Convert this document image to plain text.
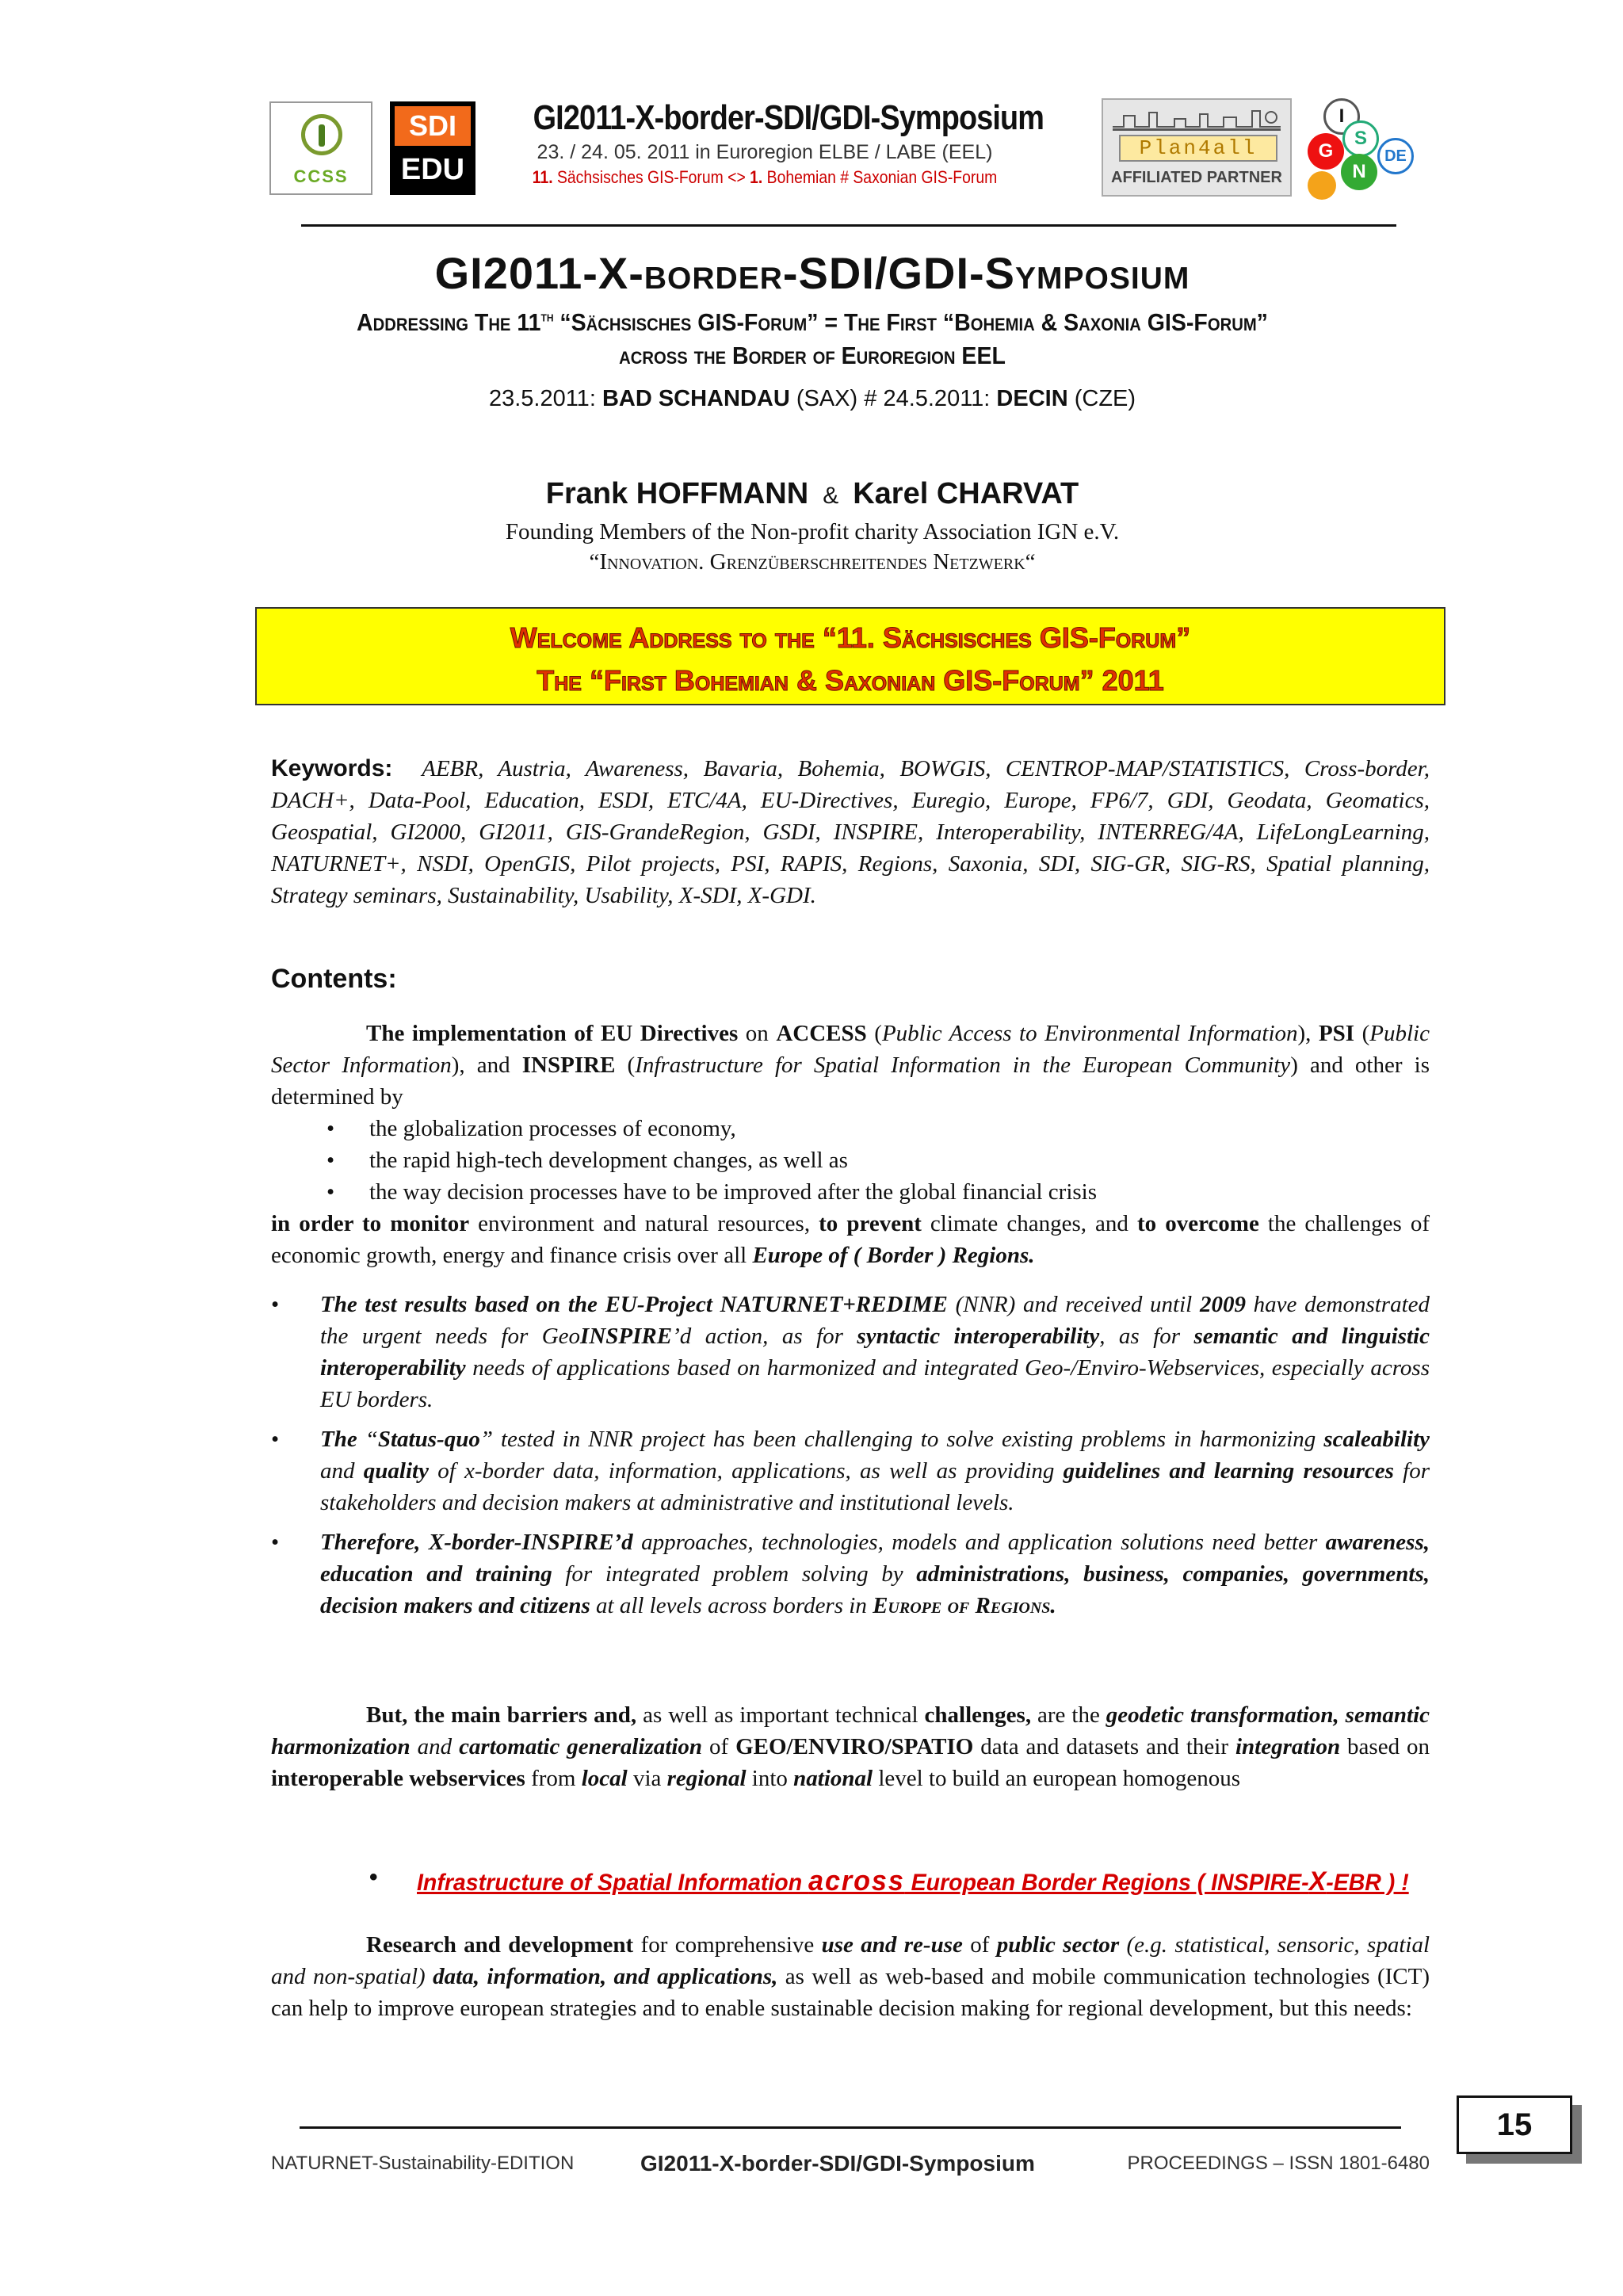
CCSS
SDI
EDU
GI2011-X-border-SDI/GDI-Symposium
23. / 24. 05. 2011 in Euroregion ELBE / LABE (EEL)
11. Sächsisches GIS-Forum <> 1. Bohemian # Saxonian GIS-Forum
Plan4all
AFFILIATED PARTNER
I
G
S
N
DE
GI2011-X-border-SDI/GDI-Symposium
Addressing The 11th “Sächsisches GIS-Forum” = The First “Bohemia & Saxonia GIS-Forum”
across the Border of Euroregion EEL
23.5.2011: BAD SCHANDAU (SAX) # 24.5.2011: DECIN (CZE)
Frank HOFFMANN & Karel CHARVAT
Founding Members of the Non-profit charity Association IGN e.V.
“Innovation. Grenzüberschreitendes Netzwerk“
Welcome Address to the “11. Sächsisches GIS-Forum”
The “First Bohemian & Saxonian GIS-Forum” 2011
Keywords: AEBR, Austria, Awareness, Bavaria, Bohemia, BOWGIS, CENTROP-MAP/STATISTICS, Cross-border, DACH+, Data-Pool, Education, ESDI, ETC/4A, EU-Directives, Euregio, Europe, FP6/7, GDI, Geodata, Geomatics, Geospatial, GI2000, GI2011, GIS-GrandeRegion, GSDI, INSPIRE, Interoperability, INTERREG/4A, LifeLongLearning, NATURNET+, NSDI, OpenGIS, Pilot projects, PSI, RAPIS, Regions, Saxonia, SDI, SIG-GR, SIG-RS, Spatial planning, Strategy seminars, Sustainability, Usability, X-SDI, X-GDI.
Contents:
The implementation of EU Directives on ACCESS (Public Access to Environmental Information), PSI (Public Sector Information), and INSPIRE (Infrastructure for Spatial Information in the European Community) and other is determined by
• the globalization processes of economy,
• the rapid high-tech development changes, as well as
• the way decision processes have to be improved after the global financial crisis
in order to monitor environment and natural resources, to prevent climate changes, and to overcome the challenges of economic growth, energy and finance crisis over all Europe of ( Border ) Regions.
• The test results based on the EU-Project NATURNET+REDIME (NNR) and received until 2009 have demonstrated the urgent needs for GeoINSPIRE’d action, as for syntactic interoperability, as for semantic and linguistic interoperability needs of applications based on harmonized and integrated Geo-/Enviro-Webservices, especially across EU borders.
• The “Status-quo” tested in NNR project has been challenging to solve existing problems in harmonizing scaleability and quality of x-border data, information, applications, as well as providing guidelines and learning resources for stakeholders and decision makers at administrative and institutional levels.
• Therefore, X-border-INSPIRE’d approaches, technologies, models and application solutions need better awareness, education and training for integrated problem solving by administrations, business, companies, governments, decision makers and citizens at all levels across borders in Europe of Regions.
But, the main barriers and, as well as important technical challenges, are the geodetic transformation, semantic harmonization and cartomatic generalization of GEO/ENVIRO/SPATIO data and datasets and their integration based on interoperable webservices from local via regional into national level to build an european homogenous
• Infrastructure of Spatial Information across European Border Regions ( INSPIRE-X-EBR ) !
Research and development for comprehensive use and re-use of public sector (e.g. statistical, sensoric, spatial and non-spatial) data, information, and applications, as well as web-based and mobile communication technologies (ICT) can help to improve european strategies and to enable sustainable decision making for regional development, but this needs:
15
NATURNET-Sustainability-EDITION	GI2011-X-border-SDI/GDI-Symposium	PROCEEDINGS – ISSN 1801-6480
